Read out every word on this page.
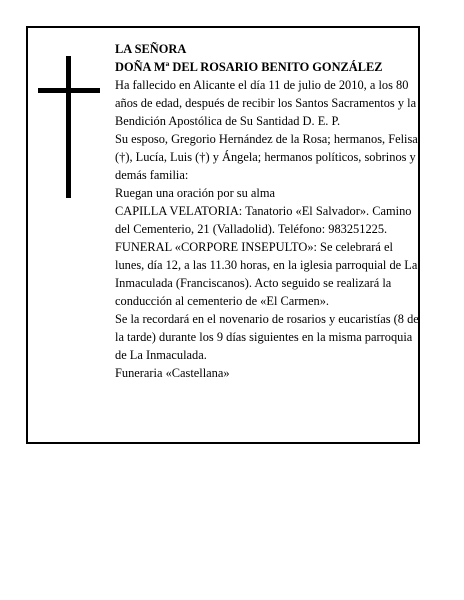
LA SEÑORA

DOÑA Mª DEL ROSARIO BENITO GONZÁLEZ

Ha fallecido en Alicante el día 11 de julio de 2010, a los 80 años de edad, después de recibir los Santos Sacramentos y la Bendición Apostólica de Su Santidad D. E. P.

Su esposo, Gregorio Hernández de la Rosa; hermanos, Felisa (†), Lucía, Luis (†) y Ángela; hermanos políticos, sobrinos y demás familia:

Ruegan una oración por su alma

CAPILLA VELATORIA: Tanatorio «El Salvador». Camino del Cementerio, 21 (Valladolid). Teléfono: 983251225.

FUNERAL «CORPORE INSEPULTO»: Se celebrará el lunes, día 12, a las 11.30 horas, en la iglesia parroquial de La Inmaculada (Franciscanos). Acto seguido se realizará la conducción al cementerio de «El Carmen».

Se la recordará en el novenario de rosarios y eucaristías (8 de la tarde) durante los 9 días siguientes en la misma parroquia de La Inmaculada.

Funeraria «Castellana»
